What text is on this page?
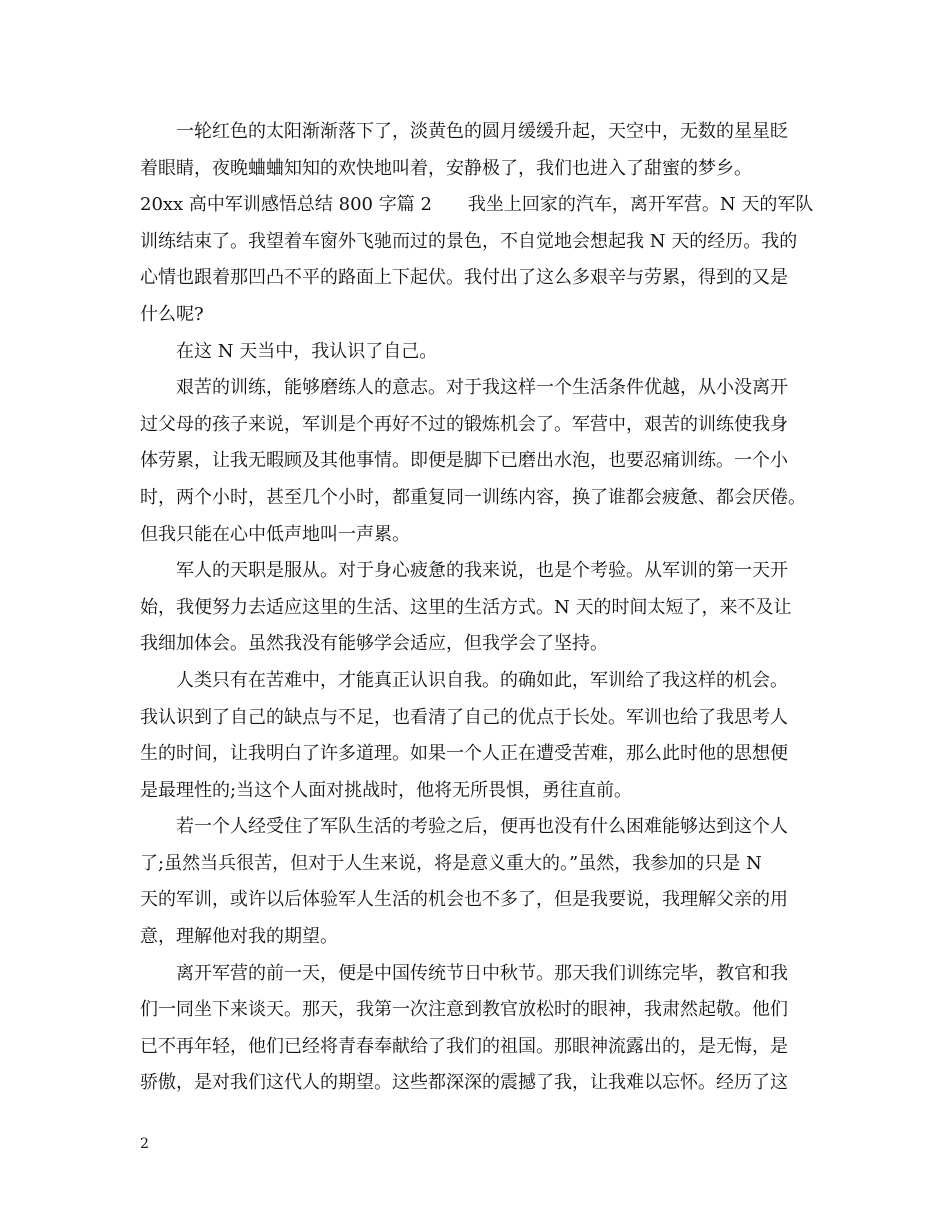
一轮红色的太阳渐渐落下了，淡黄色的圆月缓缓升起，天空中，无数的星星眨
着眼睛，夜晚蛐蛐知知的欢快地叫着，安静极了，我们也进入了甜蜜的梦乡。
20xx 高中军训感悟总结 800 字篇 2　　我坐上回家的汽车，离开军营。N 天的军队
训练结束了。我望着车窗外飞驰而过的景色，不自觉地会想起我 N 天的经历。我的
心情也跟着那凹凸不平的路面上下起伏。我付出了这么多艰辛与劳累，得到的又是
什么呢?
在这 N 天当中，我认识了自己。
艰苦的训练，能够磨练人的意志。对于我这样一个生活条件优越，从小没离开
过父母的孩子来说，军训是个再好不过的锻炼机会了。军营中，艰苦的训练使我身
体劳累，让我无暇顾及其他事情。即便是脚下已磨出水泡，也要忍痛训练。一个小
时，两个小时，甚至几个小时，都重复同一训练内容，换了谁都会疲惫、都会厌倦。
但我只能在心中低声地叫一声累。
军人的天职是服从。对于身心疲惫的我来说，也是个考验。从军训的第一天开
始，我便努力去适应这里的生活、这里的生活方式。N 天的时间太短了，来不及让
我细加体会。虽然我没有能够学会适应，但我学会了坚持。
人类只有在苦难中，才能真正认识自我。的确如此，军训给了我这样的机会。
我认识到了自己的缺点与不足，也看清了自己的优点于长处。军训也给了我思考人
生的时间，让我明白了许多道理。如果一个人正在遭受苦难，那么此时他的思想便
是最理性的;当这个人面对挑战时，他将无所畏惧，勇往直前。
若一个人经受住了军队生活的考验之后，便再也没有什么困难能够达到这个人
了;虽然当兵很苦，但对于人生来说，将是意义重大的。”虽然，我参加的只是 N
天的军训，或许以后体验军人生活的机会也不多了，但是我要说，我理解父亲的用
意，理解他对我的期望。
离开军营的前一天，便是中国传统节日中秋节。那天我们训练完毕，教官和我
们一同坐下来谈天。那天，我第一次注意到教官放松时的眼神，我肃然起敬。他们
已不再年轻，他们已经将青春奉献给了我们的祖国。那眼神流露出的，是无悔，是
骄傲，是对我们这代人的期望。这些都深深的震撼了我，让我难以忘怀。经历了这
2
